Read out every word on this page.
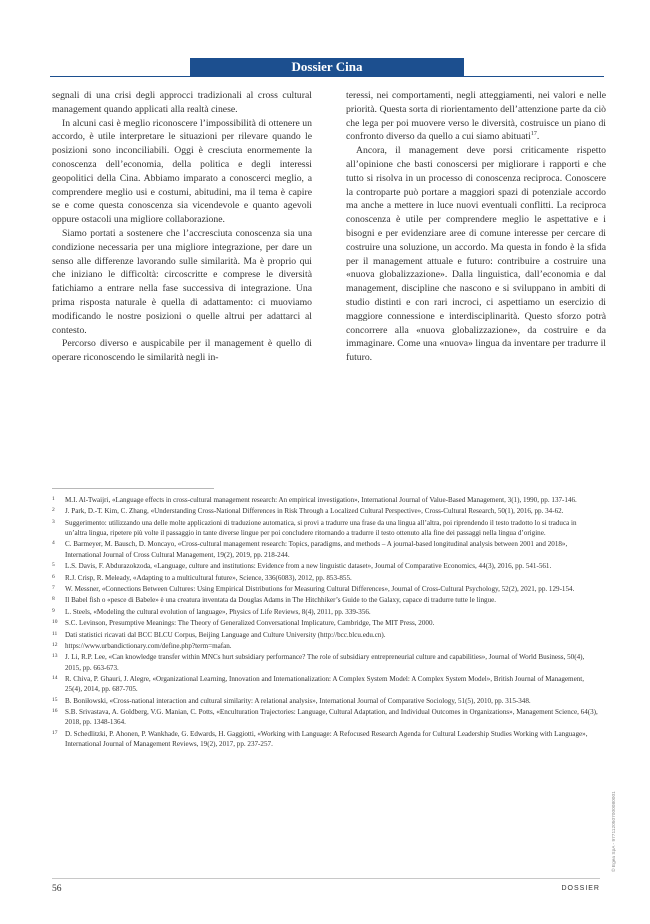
Dossier Cina

segnali di una crisi degli approcci tradizionali al cross cultural management quando applicati alla realtà cinese.

In alcuni casi è meglio riconoscere l’impossibilità di ottenere un accordo, è utile interpretare le situazioni per rilevare quando le posizioni sono inconciliabili. Oggi è cresciuta enormemente la conoscenza dell’economia, della politica e degli interessi geopolitici della Cina. Abbiamo imparato a conoscerci meglio, a comprendere meglio usi e costumi, abitudini, ma il tema è capire se e come questa conoscenza sia vicendevole e quanto agevoli oppure ostacoli una migliore collaborazione.

Siamo portati a sostenere che l’accresciuta conoscenza sia una condizione necessaria per una migliore integrazione, per dare un senso alle differenze lavorando sulle similarità. Ma è proprio qui che iniziano le difficoltà: circoscritte e comprese le diversità fatichiamo a entrare nella fase successiva di integrazione. Una prima risposta naturale è quella di adattamento: ci muoviamo modificando le nostre posizioni o quelle altrui per adattarci al contesto.

Percorso diverso e auspicabile per il management è quello di operare riconoscendo le similarità negli in-

teressi, nei comportamenti, negli atteggiamenti, nei valori e nelle priorità. Questa sorta di riorientamento dell’attenzione parte da ciò che lega per poi muovere verso le diversità, costruisce un piano di confronto diverso da quello a cui siamo abituati$^{17}$.

Ancora, il management deve porsi criticamente rispetto all’opinione che basti conoscersi per migliorare i rapporti e che tutto si risolva in un processo di conoscenza reciproca. Conoscere la controparte può portare a maggiori spazi di potenziale accordo ma anche a mettere in luce nuovi eventuali conflitti. La reciproca conoscenza è utile per comprendere meglio le aspettative e i bisogni e per evidenziare aree di comune interesse per cercare di costruire una soluzione, un accordo. Ma questa in fondo è la sfida per il management attuale e futuro: contribuire a costruire una «nuova globalizzazione». Dalla linguistica, dall’economia e dal management, discipline che nascono e si sviluppano in ambiti di studio distinti e con rari incroci, ci aspettiamo un esercizio di maggiore connessione e interdisciplinarità. Questo sforzo potrà concorrere alla «nuova globalizzazione», da costruire e da immaginare. Come una «nuova» lingua da inventare per tradurre il futuro.

1 M.I. Al-Twaijri, «Language effects in cross-cultural management research: An empirical investigation», International Journal of Value-Based Management, 3(1), 1990, pp. 137-146.
2 J. Park, D.-T. Kim, C. Zhang, «Understanding Cross-National Differences in Risk Through a Localized Cultural Perspective», Cross-Cultural Research, 50(1), 2016, pp. 34-62.
3 Suggerimento: utilizzando una delle molte applicazioni di traduzione automatica, si provi a tradurre una frase da una lingua all’altra, poi riprendendo il testo tradotto lo si traduca in un’altra lingua, ripetere più volte il passaggio in tante diverse lingue per poi concludere ritornando a tradurre il testo ottenuto alla fine dei passaggi nella lingua d’origine.
4 C. Barmeyer, M. Bausch, D. Moncayo, «Cross-cultural management research: Topics, paradigms, and methods – A journal-based longitudinal analysis between 2001 and 2018», International Journal of Cross Cultural Management, 19(2), 2019, pp. 218-244.
5 L.S. Davis, F. Abdurazokzoda, «Language, culture and institutions: Evidence from a new linguistic dataset», Journal of Comparative Economics, 44(3), 2016, pp. 541-561.
6 R.J. Crisp, R. Meleady, «Adapting to a multicultural future», Science, 336(6083), 2012, pp. 853-855.
7 W. Messner, «Connections Between Cultures: Using Empirical Distributions for Measuring Cultural Differences», Journal of Cross-Cultural Psychology, 52(2), 2021, pp. 129-154.
8 Il Babel fish o «pesce di Babele» è una creatura inventata da Douglas Adams in The Hitchhiker’s Guide to the Galaxy, capace di tradurre tutte le lingue.
9 L. Steels, «Modeling the cultural evolution of language», Physics of Life Reviews, 8(4), 2011, pp. 339-356.
10 S.C. Levinson, Presumptive Meanings: The Theory of Generalized Conversational Implicature, Cambridge, The MIT Press, 2000.
11 Dati statistici ricavati dal BCC BLCU Corpus, Beijing Language and Culture University (http://bcc.blcu.edu.cn).
12 https://www.urbandictionary.com/define.php?term=mafan.
13 J. Li, R.P. Lee, «Can knowledge transfer within MNCs hurt subsidiary performance? The role of subsidiary entrepreneurial culture and capabilities», Journal of World Business, 50(4), 2015, pp. 663-673.
14 R. Chiva, P. Ghauri, J. Alegre, «Organizational Learning, Innovation and Internationalization: A Complex System Model: A Complex System Model», British Journal of Management, 25(4), 2014, pp. 687-705.
15 B. Boniłowski, «Cross-national interaction and cultural similarity: A relational analysis», International Journal of Comparative Sociology, 51(5), 2010, pp. 315-348.
16 S.B. Srivastava, A. Goldberg, V.G. Manian, C. Potts, «Enculturation Trajectories: Language, Cultural Adaptation, and Individual Outcomes in Organizations», Management Science, 64(3), 2018, pp. 1348-1364.
17 D. Schedlitzki, P. Ahonen, P. Wankhade, G. Edwards, H. Gaggiotti, «Working with Language: A Refocused Research Agenda for Cultural Leadership Studies Working with Language», International Journal of Management Reviews, 19(2), 2017, pp. 237-257.
56	DOSSIER
© Egea SpA - 9771120507000080001
